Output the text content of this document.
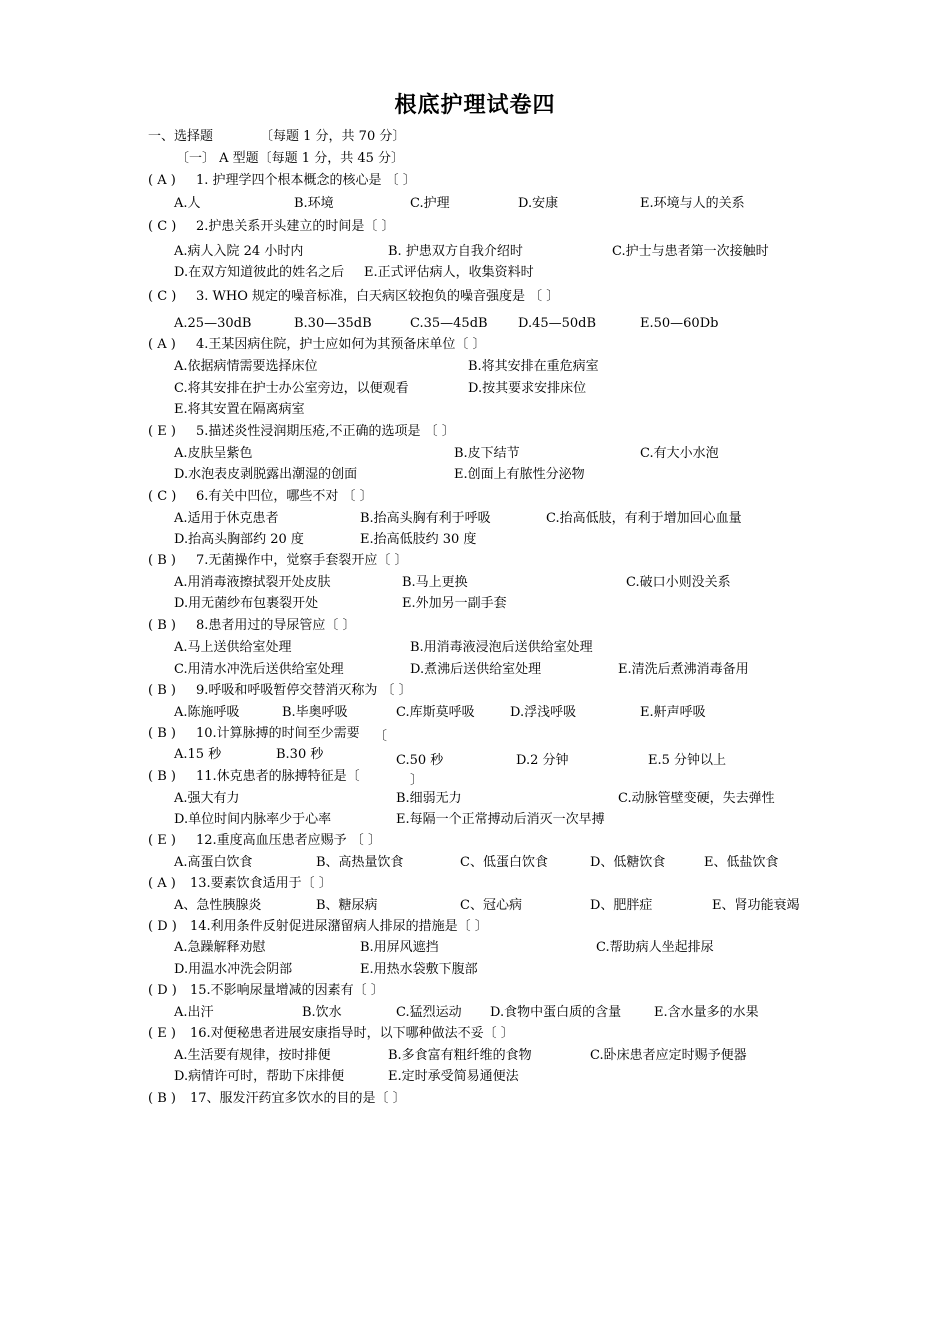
根底护理试卷四
一、选择题	〔每题 1 分，共 70 分〕
〔一〕 A 型题〔每题 1 分，共 45 分〕
( A ) 1. 护理学四个根本概念的核心是 〔 〕
A.人	B.环境	C.护理	D.安康	E.环境与人的关系
( C ) 2.护患关系开头建立的时间是〔 〕
A.病人入院 24 小时内	B. 护患双方自我介绍时	C.护士与患者第一次接触时
D.在双方知道彼此的姓名之后 E.正式评估病人，收集资料时
( C ) 3. WHO 规定的噪音标准，白天病区较抱负的噪音强度是 〔 〕
A.25—30dB	B.30—35dB	C.35—45dB D.45—50dB	E.50—60Db
( A ) 4.王某因病住院，护士应如何为其预备床单位〔 〕
A.依据病情需要选择床位	B.将其安排在重危病室
C.将其安排在护士办公室旁边，以便观看	D.按其要求安排床位
E.将其安置在隔离病室
( E ) 5.描述炎性浸润期压疮,不正确的选项是 〔 〕
A.皮肤呈紫色	B.皮下结节	C.有大小水泡
D.水泡表皮剥脱露出潮湿的创面	E.创面上有脓性分泌物
( C ) 6.有关中凹位，哪些不对 〔 〕
A.适用于休克患者	B.抬高头胸有利于呼吸	C.抬高低肢，有利于增加回心血量
D.抬高头胸部约 20 度	E.抬高低肢约 30 度
( B ) 7.无菌操作中，觉察手套裂开应〔 〕
A.用消毒液擦拭裂开处皮肤	B.马上更换	C.破口小则没关系
D.用无菌纱布包裹裂开处	E.外加另一副手套
( B ) 8.患者用过的导尿管应〔 〕
A.马上送供给室处理	B.用消毒液浸泡后送供给室处理
C.用清水冲洗后送供给室处理	D.煮沸后送供给室处理	E.清洗后煮沸消毒备用
( B ) 9.呼吸和呼吸暂停交替消灭称为 〔 〕
A.陈施呼吸	B.毕奥呼吸	C.库斯莫呼吸	D.浮浅呼吸	E.鼾声呼吸
( B ) 10.计算脉搏的时间至少需要 〔
A.15 秒	B.30 秒	C.50 秒	D.2 分钟	E.5 分钟以上
( B ) 11.休克患者的脉搏特征是〔	〕
A.强大有力	B.细弱无力	C.动脉管壁变硬，失去弹性
D.单位时间内脉率少于心率	E.每隔一个正常搏动后消灭一次早搏
( E ) 12.重度高血压患者应赐予 〔 〕
A.高蛋白饮食	B、高热量饮食	C、低蛋白饮食	D、低糖饮食	E、低盐饮食
( A ) 13.要素饮食适用于〔 〕
A、急性胰腺炎	B、糖尿病	C、冠心病	D、肥胖症	E、肾功能衰竭
( D ) 14.利用条件反射促进尿潴留病人排尿的措施是〔 〕
A.急躁解释劝慰	B.用屏风遮挡	C.帮助病人坐起排尿
D.用温水冲洗会阴部	E.用热水袋敷下腹部
( D ) 15.不影响尿量增减的因素有〔 〕
A.出汗	B.饮水	C.猛烈运动 D.食物中蛋白质的含量	E.含水量多的水果
( E ) 16.对便秘患者进展安康指导时，以下哪种做法不妥〔 〕
A.生活要有规律，按时排便	B.多食富有粗纤维的食物	C.卧床患者应定时赐予便器
D.病情许可时，帮助下床排便	E.定时承受简易通便法
( B ) 17、服发汗药宜多饮水的目的是〔 〕
